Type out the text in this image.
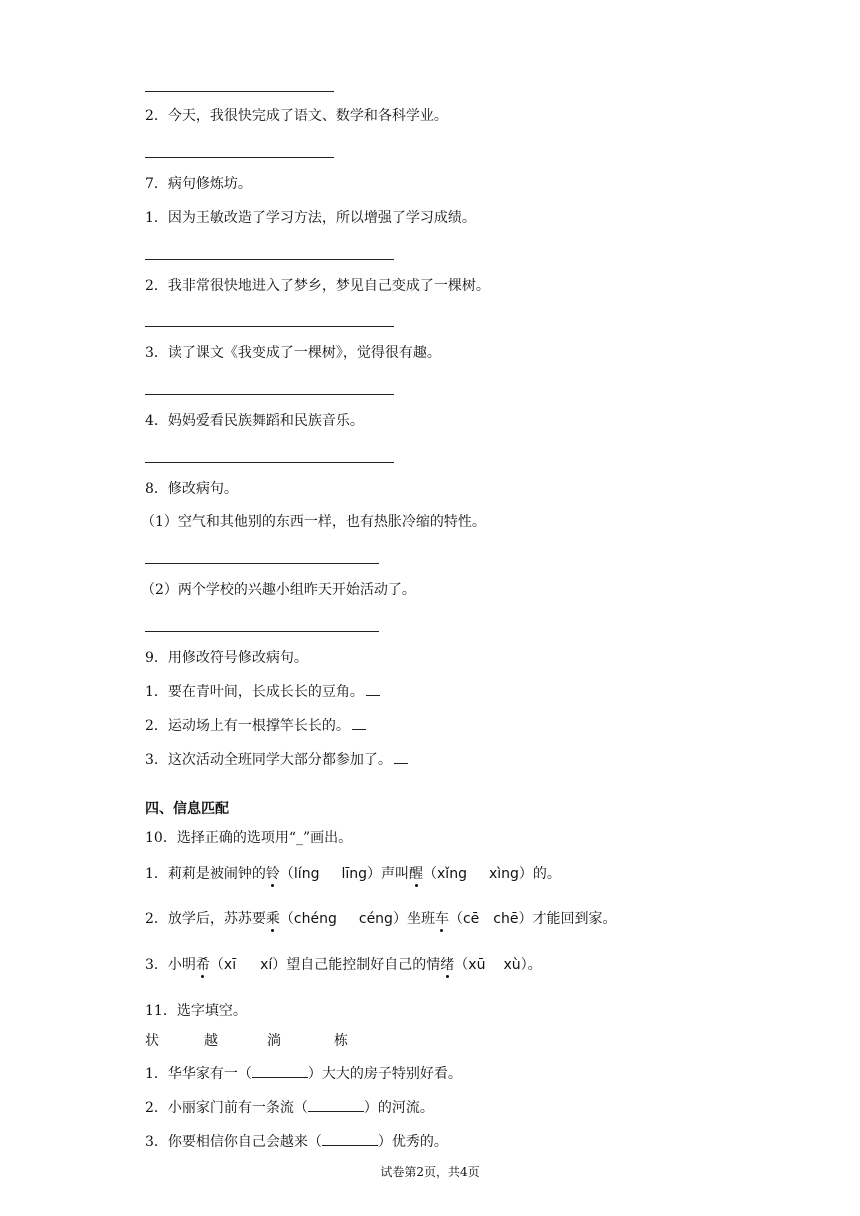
2．今天，我很快完成了语文、数学和各科学业。
7．病句修炼坊。
1．因为王敏改造了学习方法，所以增强了学习成绩。
2．我非常很快地进入了梦乡，梦见自己变成了一棵树。
3．读了课文《我变成了一棵树》，觉得很有趣。
4．妈妈爱看民族舞蹈和民族音乐。
8．修改病句。
（1）空气和其他别的东西一样，也有热胀冷缩的特性。
（2）两个学校的兴趣小组昨天开始活动了。
9．用修改符号修改病句。
1．要在青叶间，长成长长的豆角。
2．运动场上有一根撑竿长长的。
3．这次活动全班同学大部分都参加了。
四、信息匹配
10．选择正确的选项用“_”画出。
1．莉莉是被闹钟的铃（líng līng）声叫醒（xǐng xìng）的。
2．放学后，苏苏要乘（chéng céng）坐班车（cē chē）才能回到家。
3．小明希（xī xí）望自己能控制好自己的情绪（xū xù）。
11．选字填空。
状	越	淌	栋
1．华华家有一（	）大大的房子特别好看。
2．小丽家门前有一条流（	）的河流。
3．你要相信你自己会越来（	）优秀的。
试卷第2页，共4页
